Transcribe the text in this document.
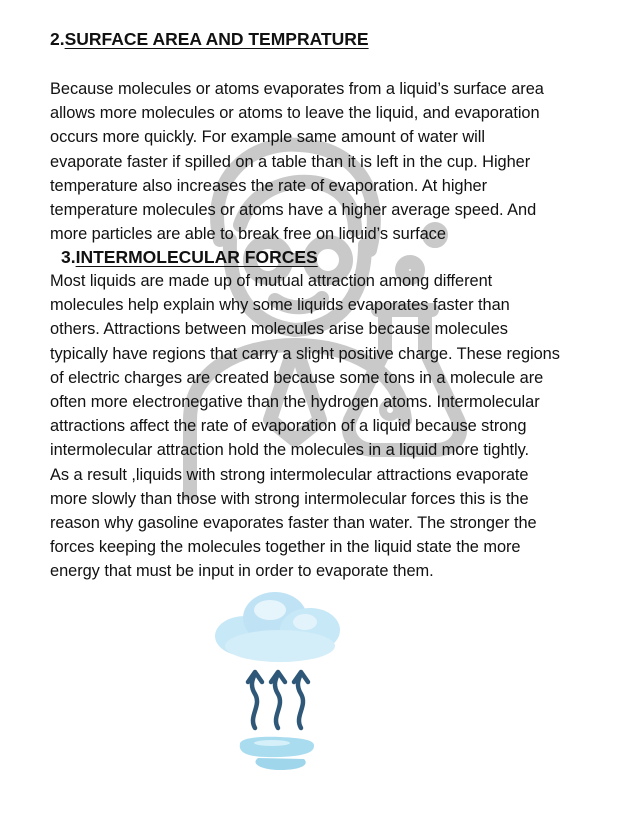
2.SURFACE AREA AND TEMPRATURE

Because molecules or atoms evaporates from a liquid’s surface area
allows more molecules or atoms to leave the liquid, and evaporation
occurs more quickly. For example same amount of water will
evaporate faster if spilled on a table than it is left in the cup. Higher
temperature also increases the rate of evaporation. At higher
temperature molecules or atoms have a higher average speed. And
more particles are able to break free on liquid’s surface

3.INTERMOLECULAR FORCES

Most liquids are made up of mutual attraction among different
molecules help explain why some liquids evaporates faster than
others. Attractions between molecules arise because molecules
typically have regions that carry a slight positive charge. These regions
of electric charges are created because some tons in a molecule are
often more electronegative than the hydrogen atoms. Intermolecular
attractions affect the rate of evaporation of a liquid because strong
intermolecular attraction hold the molecules in a liquid more tightly.
As a result ,liquids with strong intermolecular attractions evaporate
more slowly than those with strong intermolecular forces this is the
reason why gasoline evaporates faster than water. The stronger the
forces keeping the molecules together in the liquid state the more
energy that must be input in order to evaporate them.
